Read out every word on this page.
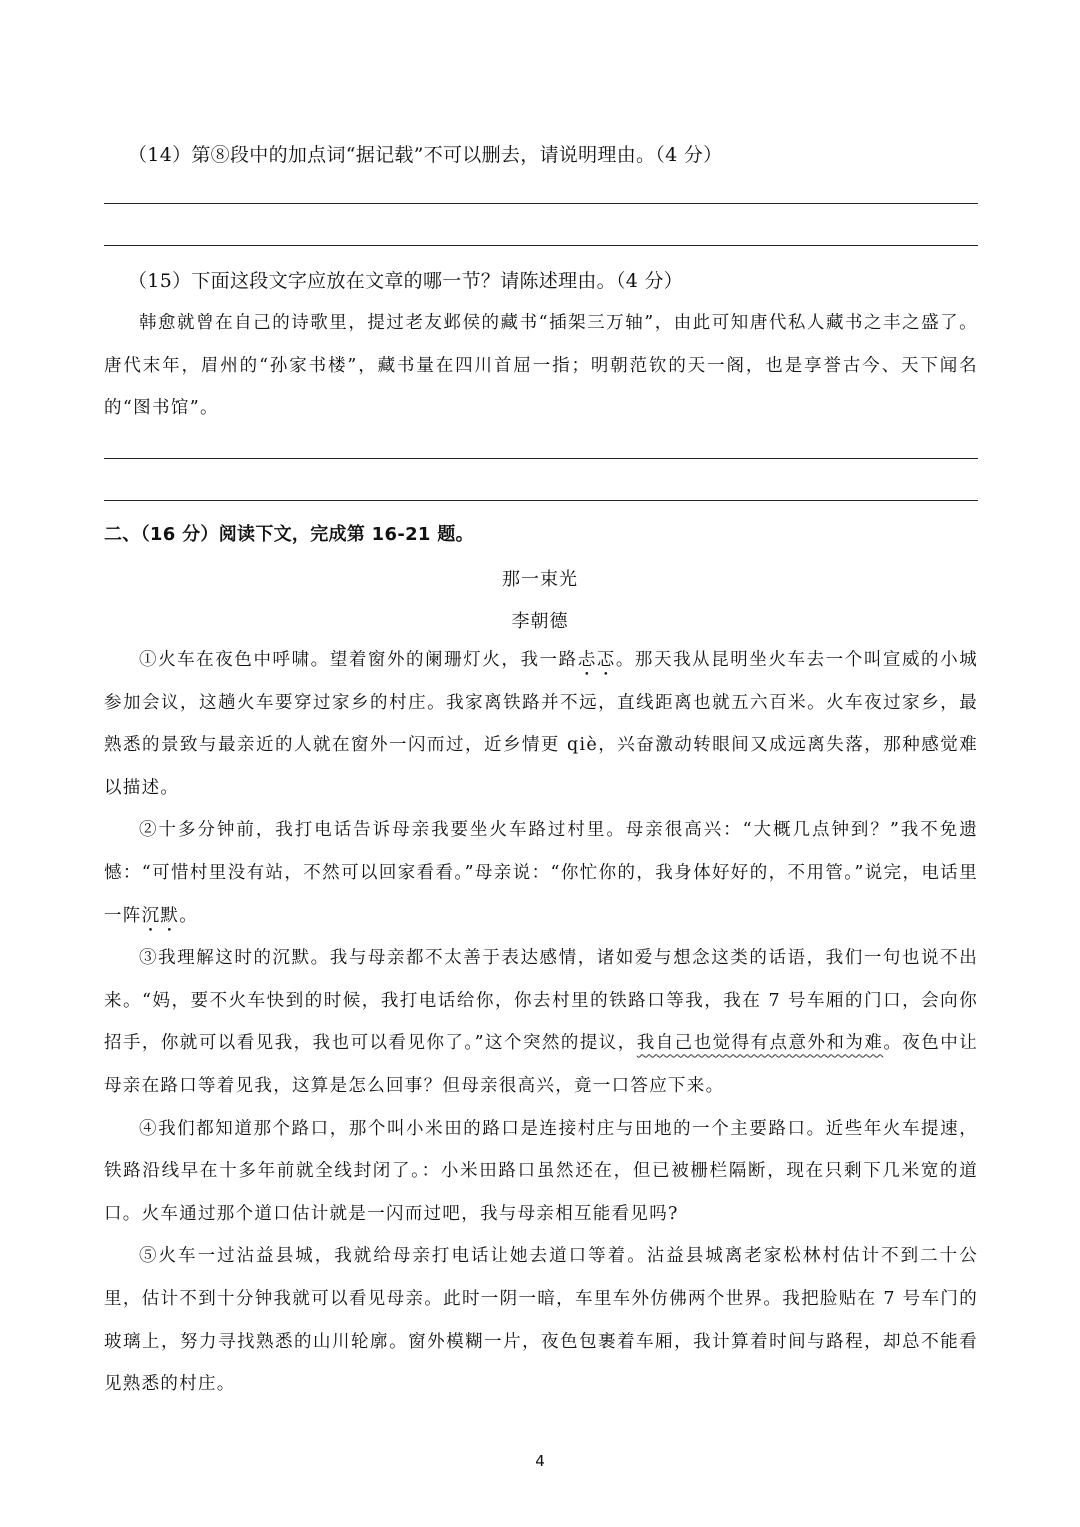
（14）第⑧段中的加点词“据记载”不可以删去，请说明理由。（4 分）
（15）下面这段文字应放在文章的哪一节？请陈述理由。（4 分）

韩愈就曾在自己的诗歌里，提过老友邺侯的藏书“插架三万轴”，由此可知唐代私人藏书之丰之盛了。唐代末年，眉州的“孙家书楼”，藏书量在四川首屈一指；明朝范钦的天一阁，也是享誉古今、天下闻名的“图书馆”。

二、（16 分）阅读下文，完成第 16-21 题。
那一束光
李朝德

①火车在夜色中呼啸。望着窗外的阑珊灯火，我一路忐忑。那天我从昆明坐火车去一个叫宣威的小城参加会议，这趟火车要穿过家乡的村庄。我家离铁路并不远，直线距离也就五六百米。火车夜过家乡，最熟悉的景致与最亲近的人就在窗外一闪而过，近乡情更 qiè，兴奋激动转眼间又成远离失落，那种感觉难以描述。

②十多分钟前，我打电话告诉母亲我要坐火车路过村里。母亲很高兴：“大概几点钟到？”我不免遗憾：“可惜村里没有站，不然可以回家看看。”母亲说：“你忙你的，我身体好好的，不用管。”说完，电话里一阵沉默。

③我理解这时的沉默。我与母亲都不太善于表达感情，诸如爱与想念这类的话语，我们一句也说不出来。“妈，要不火车快到的时候，我打电话给你，你去村里的铁路口等我，我在 7 号车厢的门口，会向你招手，你就可以看见我，我也可以看见你了。”这个突然的提议，我自己也觉得有点意外和为难。夜色中让母亲在路口等着见我，这算是怎么回事？但母亲很高兴，竟一口答应下来。

④我们都知道那个路口，那个叫小米田的路口是连接村庄与田地的一个主要路口。近些年火车提速，铁路沿线早在十多年前就全线封闭了。：小米田路口虽然还在，但已被栅栏隔断，现在只剩下几米宽的道口。火车通过那个道口估计就是一闪而过吧，我与母亲相互能看见吗?

⑤火车一过沾益县城，我就给母亲打电话让她去道口等着。沾益县城离老家松林村估计不到二十公里，估计不到十分钟我就可以看见母亲。此时一阴一暗，车里车外仿佛两个世界。我把脸贴在 7 号车门的玻璃上，努力寻找熟悉的山川轮廓。窗外模糊一片，夜色包裹着车厢，我计算着时间与路程，却总不能看见熟悉的村庄。

4
